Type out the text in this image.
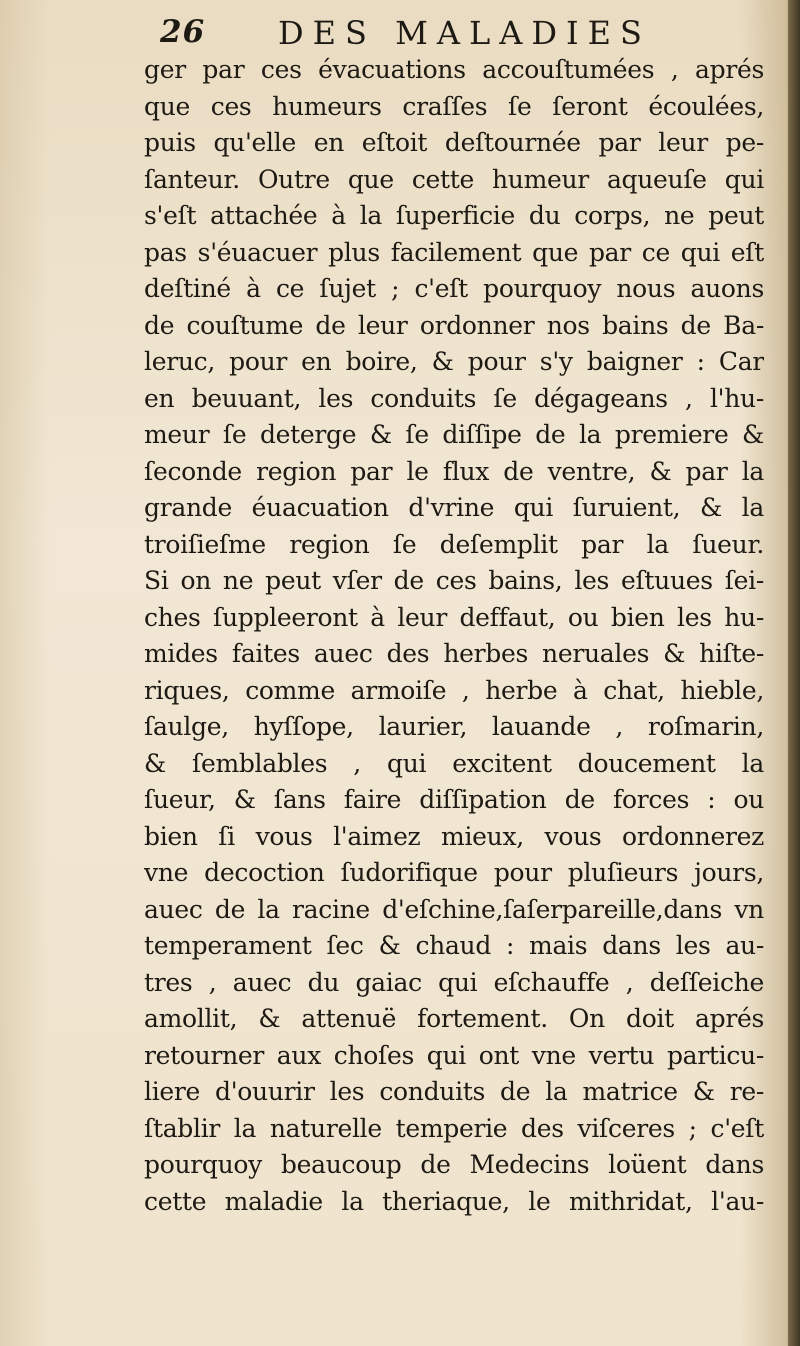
26 DES MALADIES
ger par ces évacuations accouſtumées , aprés
que ces humeurs craſſes ſe ſeront écoulées,
puis qu'elle en eſtoit deſtournée par leur pe-
ſanteur. Outre que cette humeur aqueuſe qui
s'eſt attachée à la ſuperficie du corps, ne peut
pas s'éuacuer plus facilement que par ce qui eſt
deſtiné à ce ſujet ; c'eſt pourquoy nous auons
de couſtume de leur ordonner nos bains de Ba-
leruc, pour en boire, & pour s'y baigner : Car
en beuuant, les conduits ſe dégageans , l'hu-
meur ſe deterge & ſe diſſipe de la premiere &
ſeconde region par le flux de ventre, & par la
grande éuacuation d'vrine qui ſuruient, & la
troiſieſme region ſe deſemplit par la ſueur.
Si on ne peut vſer de ces bains, les eſtuues ſei-
ches ſuppleeront à leur deffaut, ou bien les hu-
mides faites auec des herbes neruales & hiſte-
riques, comme armoiſe , herbe à chat, hieble,
ſaulge, hyſſope, laurier, lauande , roſmarin,
& ſemblables , qui excitent doucement la
ſueur, & ſans faire diſſipation de forces : ou
bien ſi vous l'aimez mieux, vous ordonnerez
vne decoction ſudorifique pour pluſieurs jours,
auec de la racine d'eſchine,ſaſerpareille,dans vn
temperament ſec & chaud : mais dans les au-
tres , auec du gaiac qui eſchauffe , deſſeiche
amollit, & attenuë fortement. On doit aprés
retourner aux choſes qui ont vne vertu particu-
liere d'ouurir les conduits de la matrice & re-
ſtablir la naturelle temperie des viſceres ; c'eſt
pourquoy beaucoup de Medecins loüent dans
cette maladie la theriaque, le mithridat, l'au-
